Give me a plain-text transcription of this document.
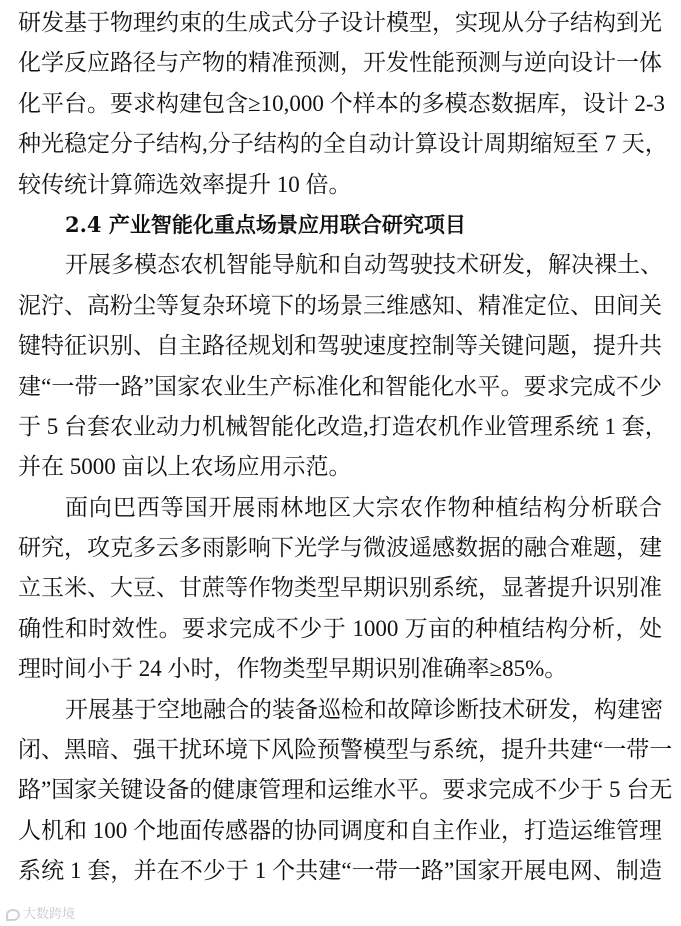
研发基于物理约束的生成式分子设计模型，实现从分子结构到光
化学反应路径与产物的精准预测，开发性能预测与逆向设计一体
化平台。要求构建包含≥10,000 个样本的多模态数据库，设计 2-3
种光稳定分子结构,分子结构的全自动计算设计周期缩短至 7 天，
较传统计算筛选效率提升 10 倍。
2.4 产业智能化重点场景应用联合研究项目
开展多模态农机智能导航和自动驾驶技术研发，解决裸土、
泥泞、高粉尘等复杂环境下的场景三维感知、精准定位、田间关
键特征识别、自主路径规划和驾驶速度控制等关键问题，提升共
建“一带一路”国家农业生产标准化和智能化水平。要求完成不少
于 5 台套农业动力机械智能化改造,打造农机作业管理系统 1 套，
并在 5000 亩以上农场应用示范。
面向巴西等国开展雨林地区大宗农作物种植结构分析联合
研究，攻克多云多雨影响下光学与微波遥感数据的融合难题，建
立玉米、大豆、甘蔗等作物类型早期识别系统，显著提升识别准
确性和时效性。要求完成不少于 1000 万亩的种植结构分析，处
理时间小于 24 小时，作物类型早期识别准确率≥85%。
开展基于空地融合的装备巡检和故障诊断技术研发，构建密
闭、黑暗、强干扰环境下风险预警模型与系统，提升共建“一带一
路”国家关键设备的健康管理和运维水平。要求完成不少于 5 台无
人机和 100 个地面传感器的协同调度和自主作业，打造运维管理
系统 1 套，并在不少于 1 个共建“一带一路”国家开展电网、制造
大数跨境
